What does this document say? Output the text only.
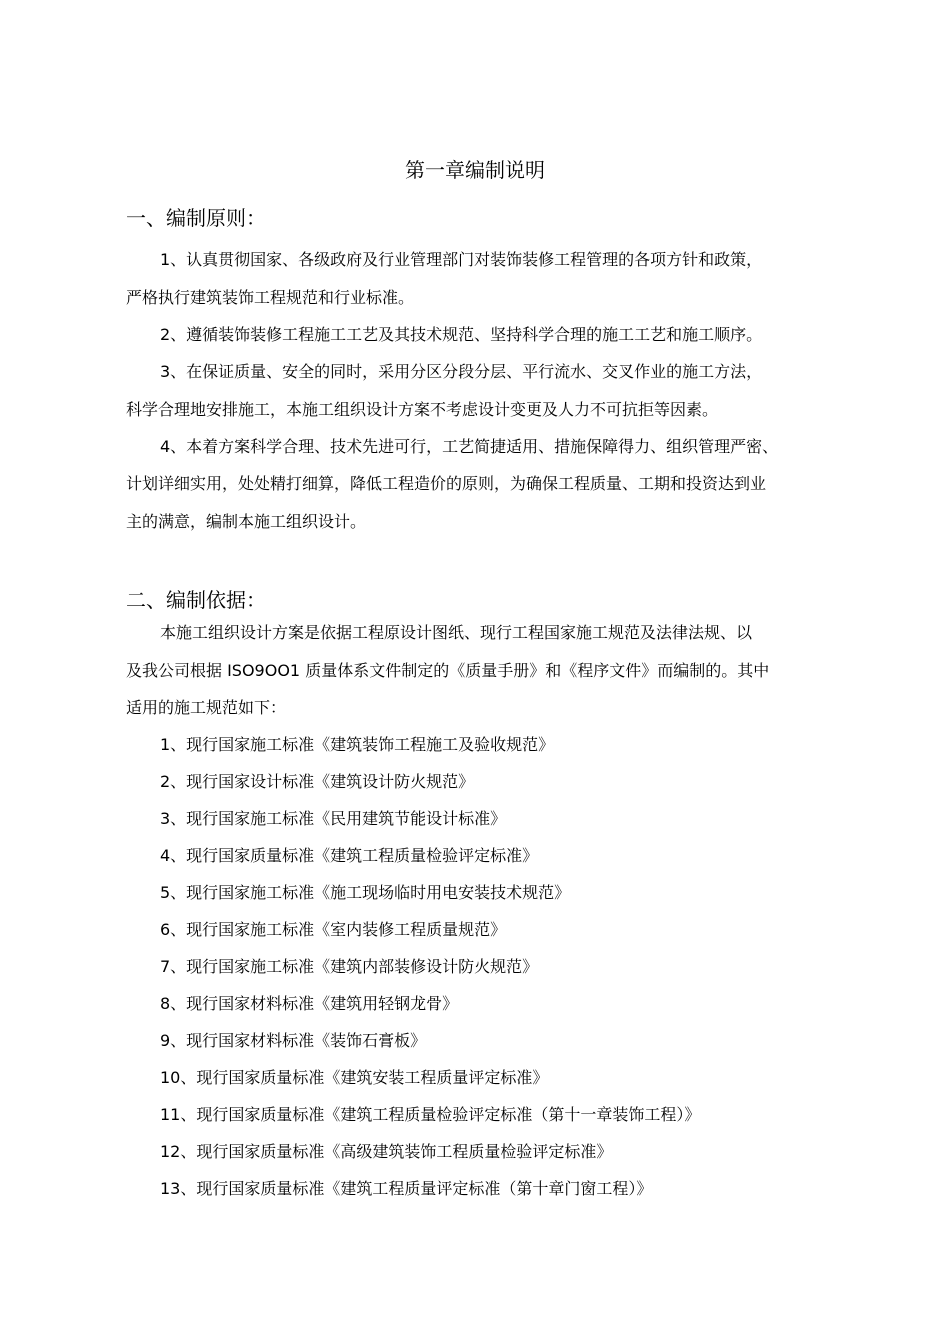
第一章编制说明
一、编制原则：
1、认真贯彻国家、各级政府及行业管理部门对装饰装修工程管理的各项方针和政策，
严格执行建筑装饰工程规范和行业标准。
2、遵循装饰装修工程施工工艺及其技术规范、坚持科学合理的施工工艺和施工顺序。
3、在保证质量、安全的同时，采用分区分段分层、平行流水、交叉作业的施工方法，
科学合理地安排施工，本施工组织设计方案不考虑设计变更及人力不可抗拒等因素。
4、本着方案科学合理、技术先进可行，工艺简捷适用、措施保障得力、组织管理严密、
计划详细实用，处处精打细算，降低工程造价的原则，为确保工程质量、工期和投资达到业
主的满意，编制本施工组织设计。
二、编制依据：
本施工组织设计方案是依据工程原设计图纸、现行工程国家施工规范及法律法规、以
及我公司根据 ISO9OO1 质量体系文件制定的《质量手册》和《程序文件》而编制的。其中
适用的施工规范如下：
1、现行国家施工标准《建筑装饰工程施工及验收规范》
2、现行国家设计标准《建筑设计防火规范》
3、现行国家施工标准《民用建筑节能设计标准》
4、现行国家质量标准《建筑工程质量检验评定标准》
5、现行国家施工标准《施工现场临时用电安装技术规范》
6、现行国家施工标准《室内装修工程质量规范》
7、现行国家施工标准《建筑内部装修设计防火规范》
8、现行国家材料标准《建筑用轻钢龙骨》
9、现行国家材料标准《装饰石膏板》
10、现行国家质量标准《建筑安装工程质量评定标准》
11、现行国家质量标准《建筑工程质量检验评定标准（第十一章装饰工程）》
12、现行国家质量标准《高级建筑装饰工程质量检验评定标准》
13、现行国家质量标准《建筑工程质量评定标准（第十章门窗工程）》
